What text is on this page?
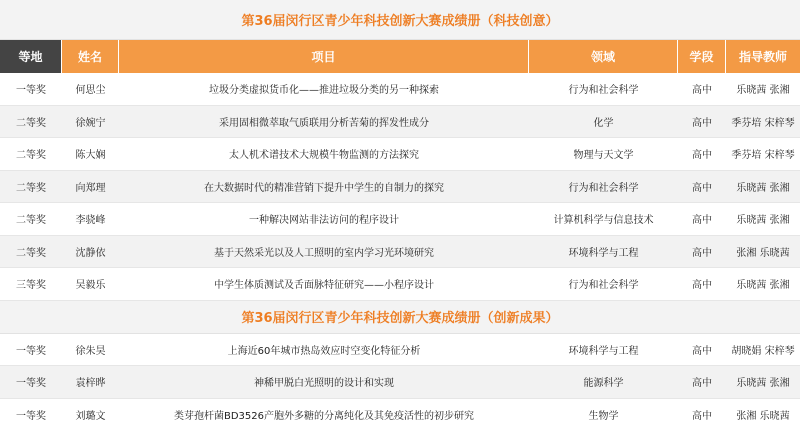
第36届闵行区青少年科技创新大赛成绩册（科技创意）
等地	姓名	项目	领域	学段	指导教师
一等奖	何思尘	垃圾分类虚拟货币化——推进垃圾分类的另一种探索	行为和社会科学	高中	乐晓茜 张湘
二等奖	徐婉宁	采用固相微萃取气质联用分析苦菊的挥发性成分	化学	高中	季芬培 宋梓琴
二等奖	陈大娴	太人机术谱技术大规模牛物监测的方法探究	物理与天文学	高中	季芬培 宋梓琴
二等奖	向郑理	在大数据时代的精准营销下提升中学生的自制力的探究	行为和社会科学	高中	乐晓茜 张湘
二等奖	李骁峰	一种解决网站非法访问的程序设计	计算机科学与信息技术	高中	乐晓茜 张湘
二等奖	沈静依	基于天然采光以及人工照明的室内学习光环境研究	环境科学与工程	高中	张湘 乐晓茜
三等奖	吴毅乐	中学生体质测试及舌面脉特征研究——小程序设计	行为和社会科学	高中	乐晓茜 张湘
第36届闵行区青少年科技创新大赛成绩册（创新成果）
一等奖	徐朱昊	上海近60年城市热岛效应时空变化特征分析	环境科学与工程	高中	胡晓娟 宋梓琴
一等奖	袁梓晔	神稀甲脱白光照明的设计和实现	能源科学	高中	乐晓茜 张湘
一等奖	刘璐文	类芽孢杆菌BD3526产胞外多糖的分离纯化及其免疫活性的初步研究	生物学	高中	张湘 乐晓茜
